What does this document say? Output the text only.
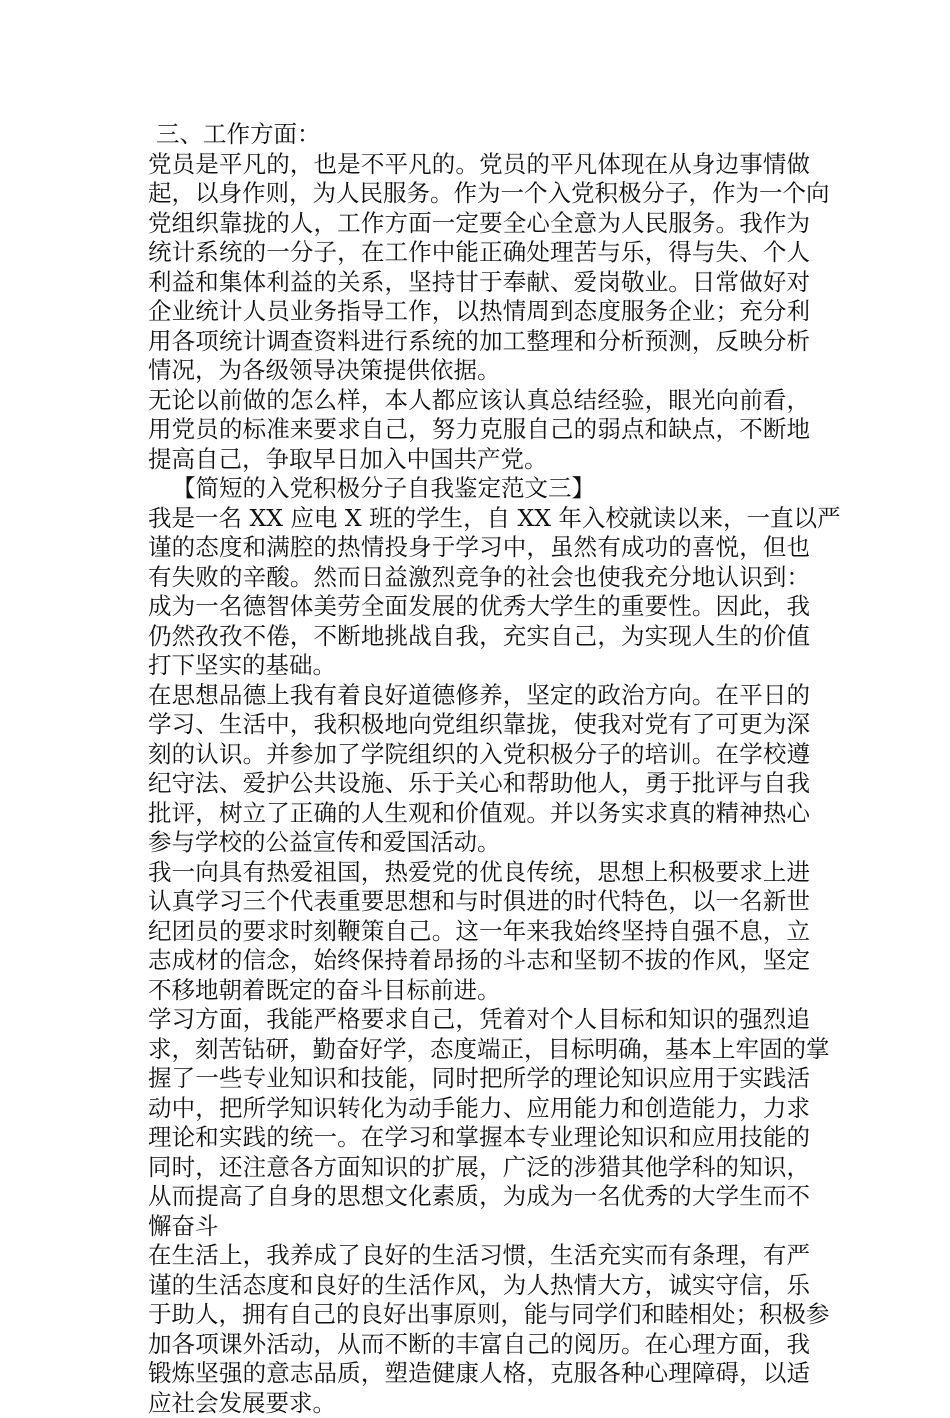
三、工作方面：
党员是平凡的，也是不平凡的。党员的平凡体现在从身边事情做
起，以身作则，为人民服务。作为一个入党积极分子，作为一个向
党组织靠拢的人，工作方面一定要全心全意为人民服务。我作为
统计系统的一分子，在工作中能正确处理苦与乐，得与失、个人
利益和集体利益的关系，坚持甘于奉献、爱岗敬业。日常做好对
企业统计人员业务指导工作，以热情周到态度服务企业；充分利
用各项统计调查资料进行系统的加工整理和分析预测，反映分析
情况，为各级领导决策提供依据。
无论以前做的怎么样，本人都应该认真总结经验，眼光向前看，
用党员的标准来要求自己，努力克服自己的弱点和缺点，不断地
提高自己，争取早日加入中国共产党。
【简短的入党积极分子自我鉴定范文三】
我是一名 XX 应电 X 班的学生，自 XX 年入校就读以来，一直以严
谨的态度和满腔的热情投身于学习中，虽然有成功的喜悦，但也
有失败的辛酸。然而日益激烈竞争的社会也使我充分地认识到：
成为一名德智体美劳全面发展的优秀大学生的重要性。因此，我
仍然孜孜不倦，不断地挑战自我，充实自己，为实现人生的价值
打下坚实的基础。
在思想品德上我有着良好道德修养，坚定的政治方向。在平日的
学习、生活中，我积极地向党组织靠拢，使我对党有了可更为深
刻的认识。并参加了学院组织的入党积极分子的培训。在学校遵
纪守法、爱护公共设施、乐于关心和帮助他人，勇于批评与自我
批评，树立了正确的人生观和价值观。并以务实求真的精神热心
参与学校的公益宣传和爱国活动。
我一向具有热爱祖国，热爱党的优良传统，思想上积极要求上进
认真学习三个代表重要思想和与时俱进的时代特色，以一名新世
纪团员的要求时刻鞭策自己。这一年来我始终坚持自强不息，立
志成材的信念，始终保持着昂扬的斗志和坚韧不拔的作风，坚定
不移地朝着既定的奋斗目标前进。
学习方面，我能严格要求自己，凭着对个人目标和知识的强烈追
求，刻苦钻研，勤奋好学，态度端正，目标明确，基本上牢固的掌
握了一些专业知识和技能，同时把所学的理论知识应用于实践活
动中，把所学知识转化为动手能力、应用能力和创造能力，力求
理论和实践的统一。在学习和掌握本专业理论知识和应用技能的
同时，还注意各方面知识的扩展，广泛的涉猎其他学科的知识，
从而提高了自身的思想文化素质，为成为一名优秀的大学生而不
懈奋斗
在生活上，我养成了良好的生活习惯，生活充实而有条理，有严
谨的生活态度和良好的生活作风，为人热情大方，诚实守信，乐
于助人，拥有自己的良好出事原则，能与同学们和睦相处；积极参
加各项课外活动，从而不断的丰富自己的阅历。在心理方面，我
锻炼坚强的意志品质，塑造健康人格，克服各种心理障碍，以适
应社会发展要求。
